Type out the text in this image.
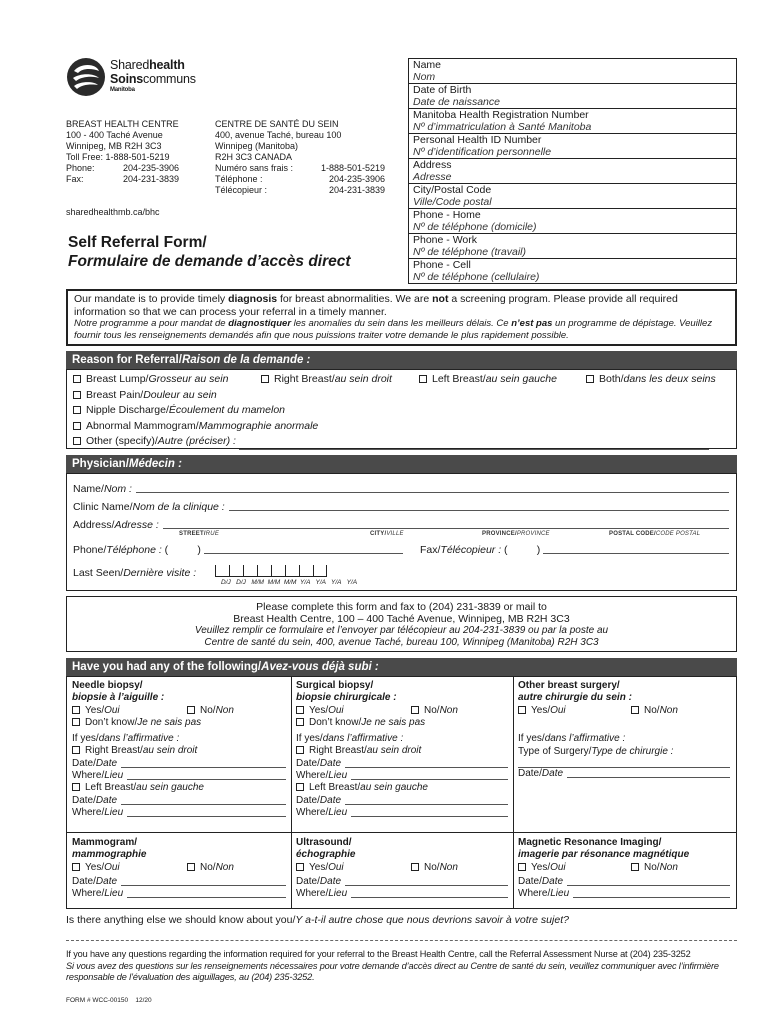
Sharedhealth
Soinscommuns
Manitoba
BREAST HEALTH CENTRE
100 - 400 Taché Avenue
Winnipeg, MB R2H 3C3
Toll Free: 1-888-501-5219
Phone:	204-235-3906
Fax:	204-231-3839
CENTRE DE SANTÉ DU SEIN
400, avenue Taché, bureau 100
Winnipeg (Manitoba)
R2H 3C3 CANADA
Numéro sans frais :	1-888-501-5219
Téléphone :	204-235-3906
Télécopieur :	204-231-3839
sharedhealthmb.ca/bhc
Self Referral Form/
Formulaire de demande d’accès direct
Name
Nom
Date of Birth
Date de naissance
Manitoba Health Registration Number
Nº d’immatriculation à Santé Manitoba
Personal Health ID Number
Nº d’identification personnelle
Address
Adresse
City/Postal Code
Ville/Code postal
Phone - Home
Nº de téléphone (domicile)
Phone - Work
Nº de téléphone (travail)
Phone - Cell
Nº de téléphone (cellulaire)
Our mandate is to provide timely diagnosis for breast abnormalities. We are not a screening program. Please provide all required information so that we can process your referral in a timely manner.
Notre programme a pour mandat de diagnostiquer les anomalies du sein dans les meilleurs délais. Ce n’est pas un programme de dépistage. Veuillez fournir tous les renseignements demandés afin que nous puissions traiter votre demande le plus rapidement possible.
Reason for Referral/Raison de la demande :
Breast Lump/Grosseur au sein	Right Breast/au sein droit	Left Breast/au sein gauche	Both/dans les deux seins
Breast Pain/Douleur au sein
Nipple Discharge/Écoulement du mamelon
Abnormal Mammogram/Mammographie anormale
Other (specify)/Autre (préciser) :
Physician/Médecin :
Name/ Nom :
Clinic Name/ Nom de la clinique :
Address/ Adresse :
STREET/RUE	CITY/VILLE	PROVINCE/PROVINCE	POSTAL CODE/CODE POSTAL
Phone/ Téléphone : (          )	Fax/ Télécopieur : (          )
Last Seen/Dernière visite :
D/J   D/J   M/M  M/M  M/M  Y/A   Y/A   Y/A   Y/A
Please complete this form and fax to (204) 231-3839 or mail to
Breast Health Centre, 100 – 400 Taché Avenue, Winnipeg, MB R2H 3C3
Veuillez remplir ce formulaire et l’envoyer par télécopieur au 204-231-3839 ou par la poste au
Centre de santé du sein, 400, avenue Taché, bureau 100, Winnipeg (Manitoba) R2H 3C3
Have you had any of the following/Avez-vous déjà subi :
Needle biopsy/
biopsie à l’aiguille :
Yes/Oui	No/Non
Don’t know/Je ne sais pas
If yes/dans l’affirmative :
Right Breast/au sein droit
Date/ Date
Where/ Lieu
Left Breast/au sein gauche
Date/ Date
Where/ Lieu
Surgical biopsy/
biopsie chirurgicale :
Yes/Oui	No/Non
Don’t know/Je ne sais pas
If yes/dans l’affirmative :
Right Breast/au sein droit
Date/ Date
Where/ Lieu
Left Breast/au sein gauche
Date/ Date
Where/ Lieu
Other breast surgery/
autre chirurgie du sein :
Yes/Oui	No/Non
If yes/dans l’affirmative :
Type of Surgery/Type de chirurgie :
Date/ Date
Mammogram/
mammographie
Yes/Oui	No/Non
Date/ Date
Where/ Lieu
Ultrasound/
échographie
Yes/Oui	No/Non
Date/ Date
Where/ Lieu
Magnetic Resonance Imaging/
imagerie par résonance magnétique
Yes/Oui	No/Non
Date/ Date
Where/ Lieu
Is there anything else we should know about you/Y a-t-il autre chose que nous devrions savoir à votre sujet?
If you have any questions regarding the information required for your referral to the Breast Health Centre, call the Referral Assessment Nurse at (204) 235-3252
Si vous avez des questions sur les renseignements nécessaires pour votre demande d’accès direct au Centre de santé du sein, veuillez communiquer avec l’infirmière responsable de l’évaluation des aiguillages, au (204) 235-3252.
FORM # WCC-00150 12/20
